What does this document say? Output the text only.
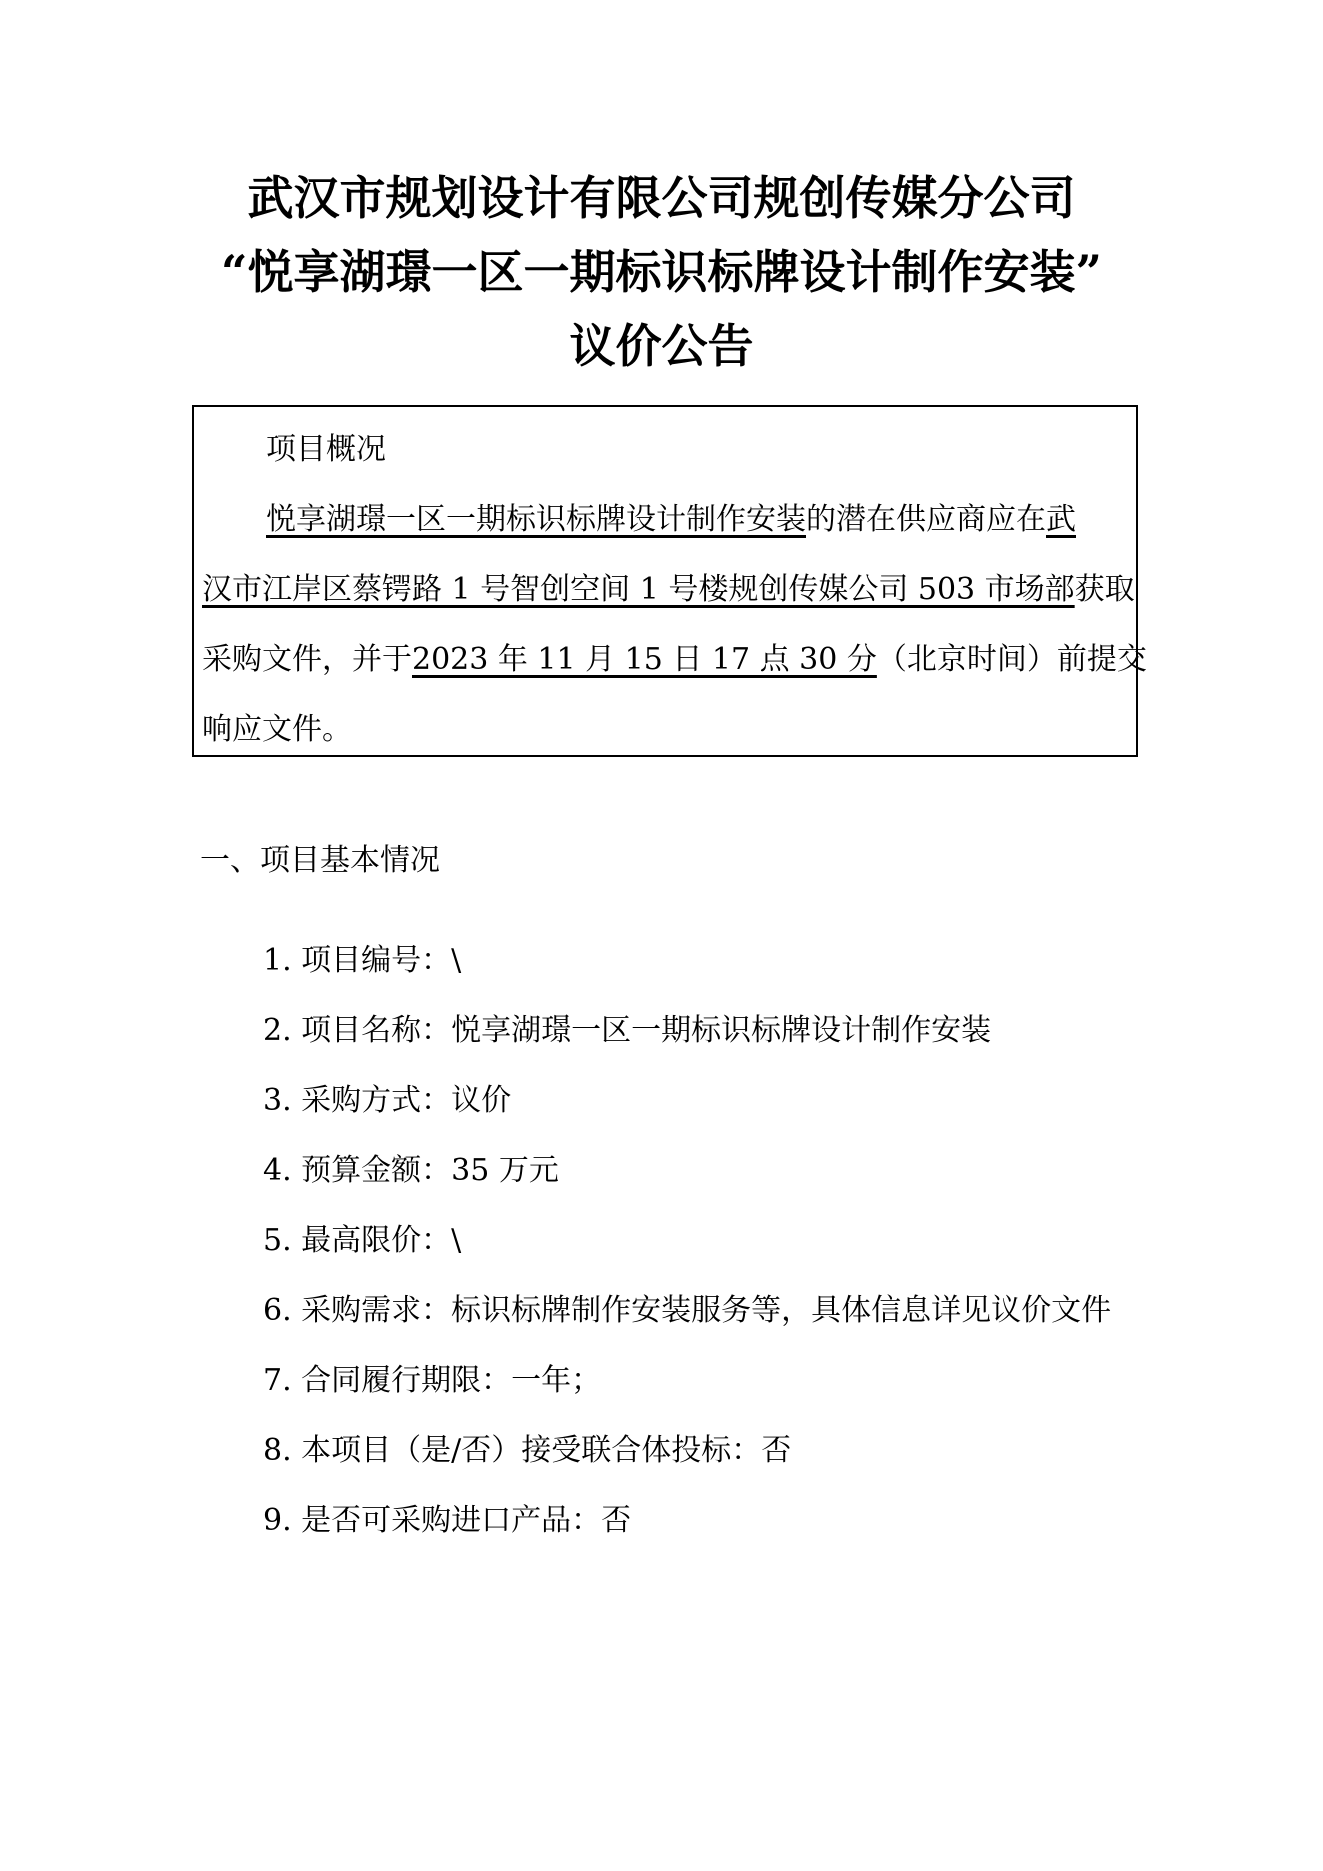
武汉市规划设计有限公司规创传媒分公司
“悦享湖璟一区一期标识标牌设计制作安装”
议价公告
项目概况
悦享湖璟一区一期标识标牌设计制作安装的潜在供应商应在武
汉市江岸区蔡锷路 1 号智创空间 1 号楼规创传媒公司 503 市场部获取
采购文件，并于2023 年 11 月 15 日 17 点 30 分（北京时间）前提交
响应文件。
一、项目基本情况
1. 项目编号：\
2. 项目名称：悦享湖璟一区一期标识标牌设计制作安装
3. 采购方式：议价
4. 预算金额：35 万元
5. 最高限价：\
6. 采购需求：标识标牌制作安装服务等，具体信息详见议价文件
7. 合同履行期限：一年；
8. 本项目（是/否）接受联合体投标：否
9. 是否可采购进口产品：否
